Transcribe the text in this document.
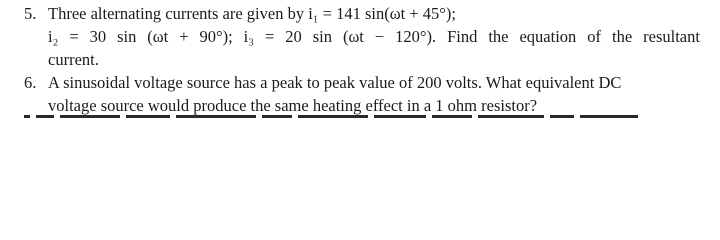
5. Three alternating currents are given by i₁ = 141 sin(ωt + 45°);
i₂ = 30 sin (ωt + 90°); i₃ = 20 sin (ωt − 120°). Find the equation of the resultant
current.
6. A sinusoidal voltage source has a peak to peak value of 200 volts. What equivalent DC
voltage source would produce the same heating effect in a 1 ohm resistor?
